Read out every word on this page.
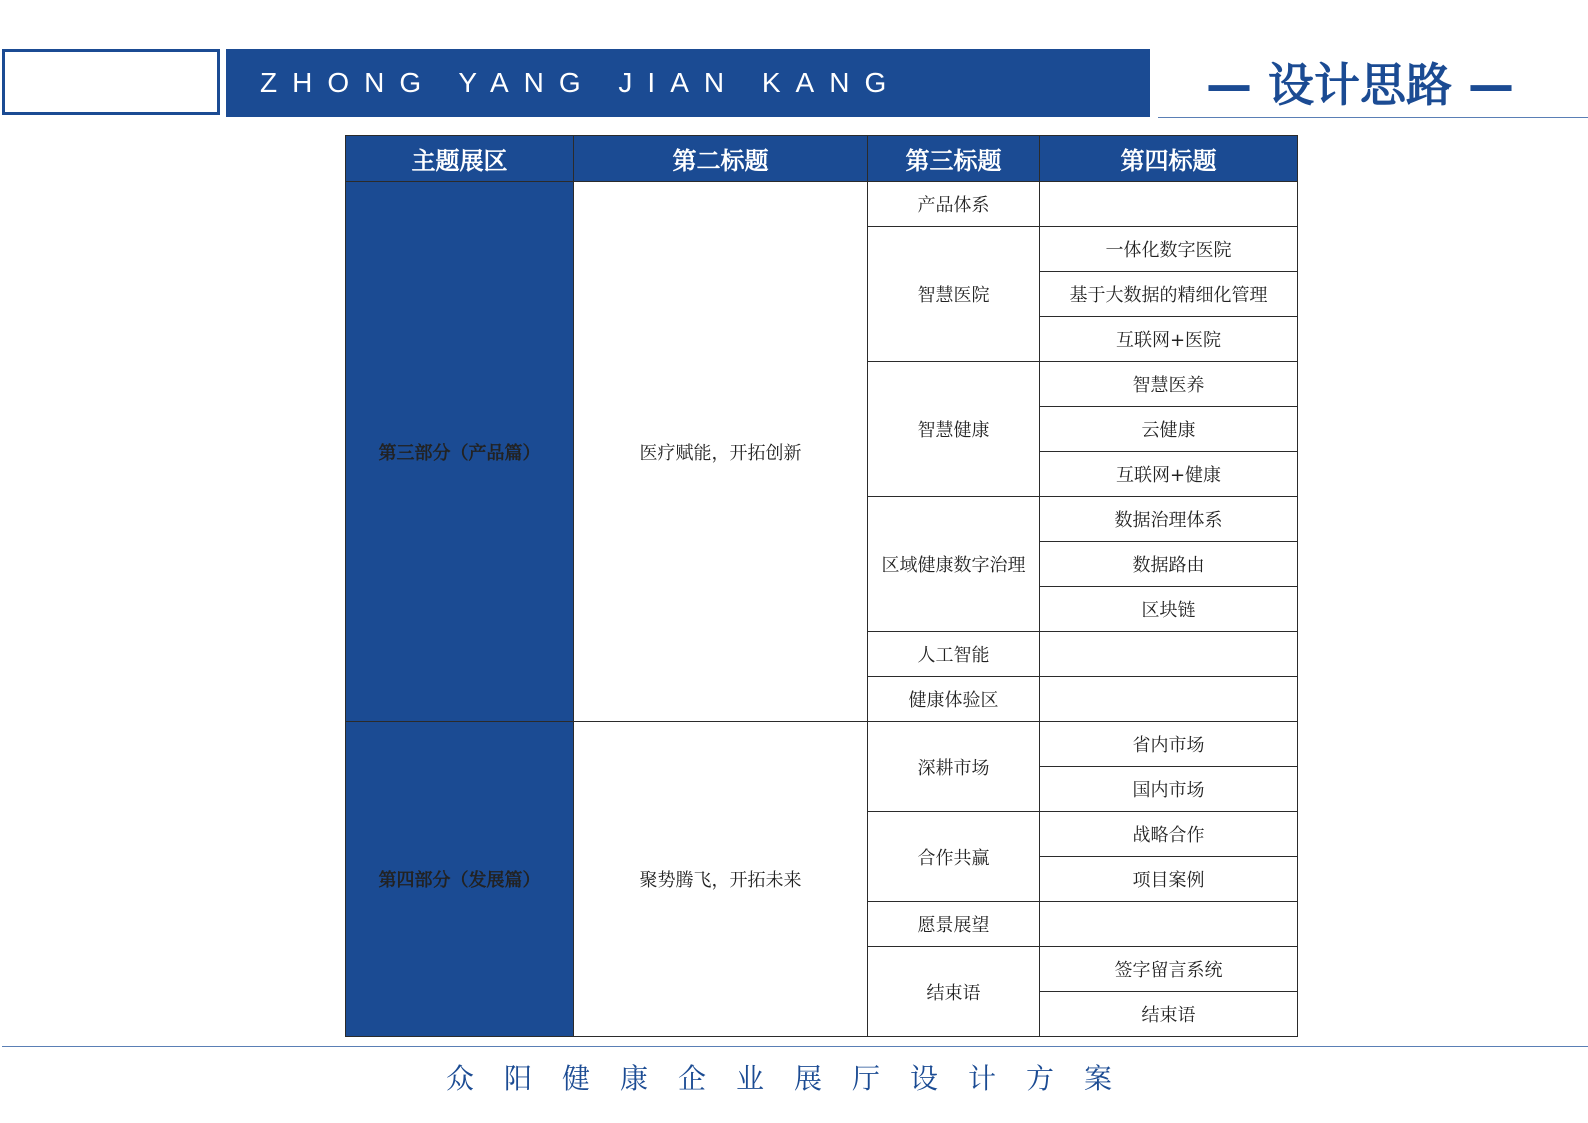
ZHONG YANG JIAN KANG	— 设计思路 —
主题展区	第二标题	第三标题	第四标题
第三部分（产品篇）	医疗赋能，开拓创新	产品体系	
		智慧医院	一体化数字医院
			基于大数据的精细化管理
			互联网+医院
		智慧健康	智慧医养
			云健康
			互联网+健康
		区域健康数字治理	数据治理体系
			数据路由
			区块链
		人工智能	
		健康体验区	
第四部分（发展篇）	聚势腾飞，开拓未来	深耕市场	省内市场
			国内市场
		合作共赢	战略合作
			项目案例
		愿景展望	
		结束语	签字留言系统
			结束语
众阳健康企业展厅设计方案
